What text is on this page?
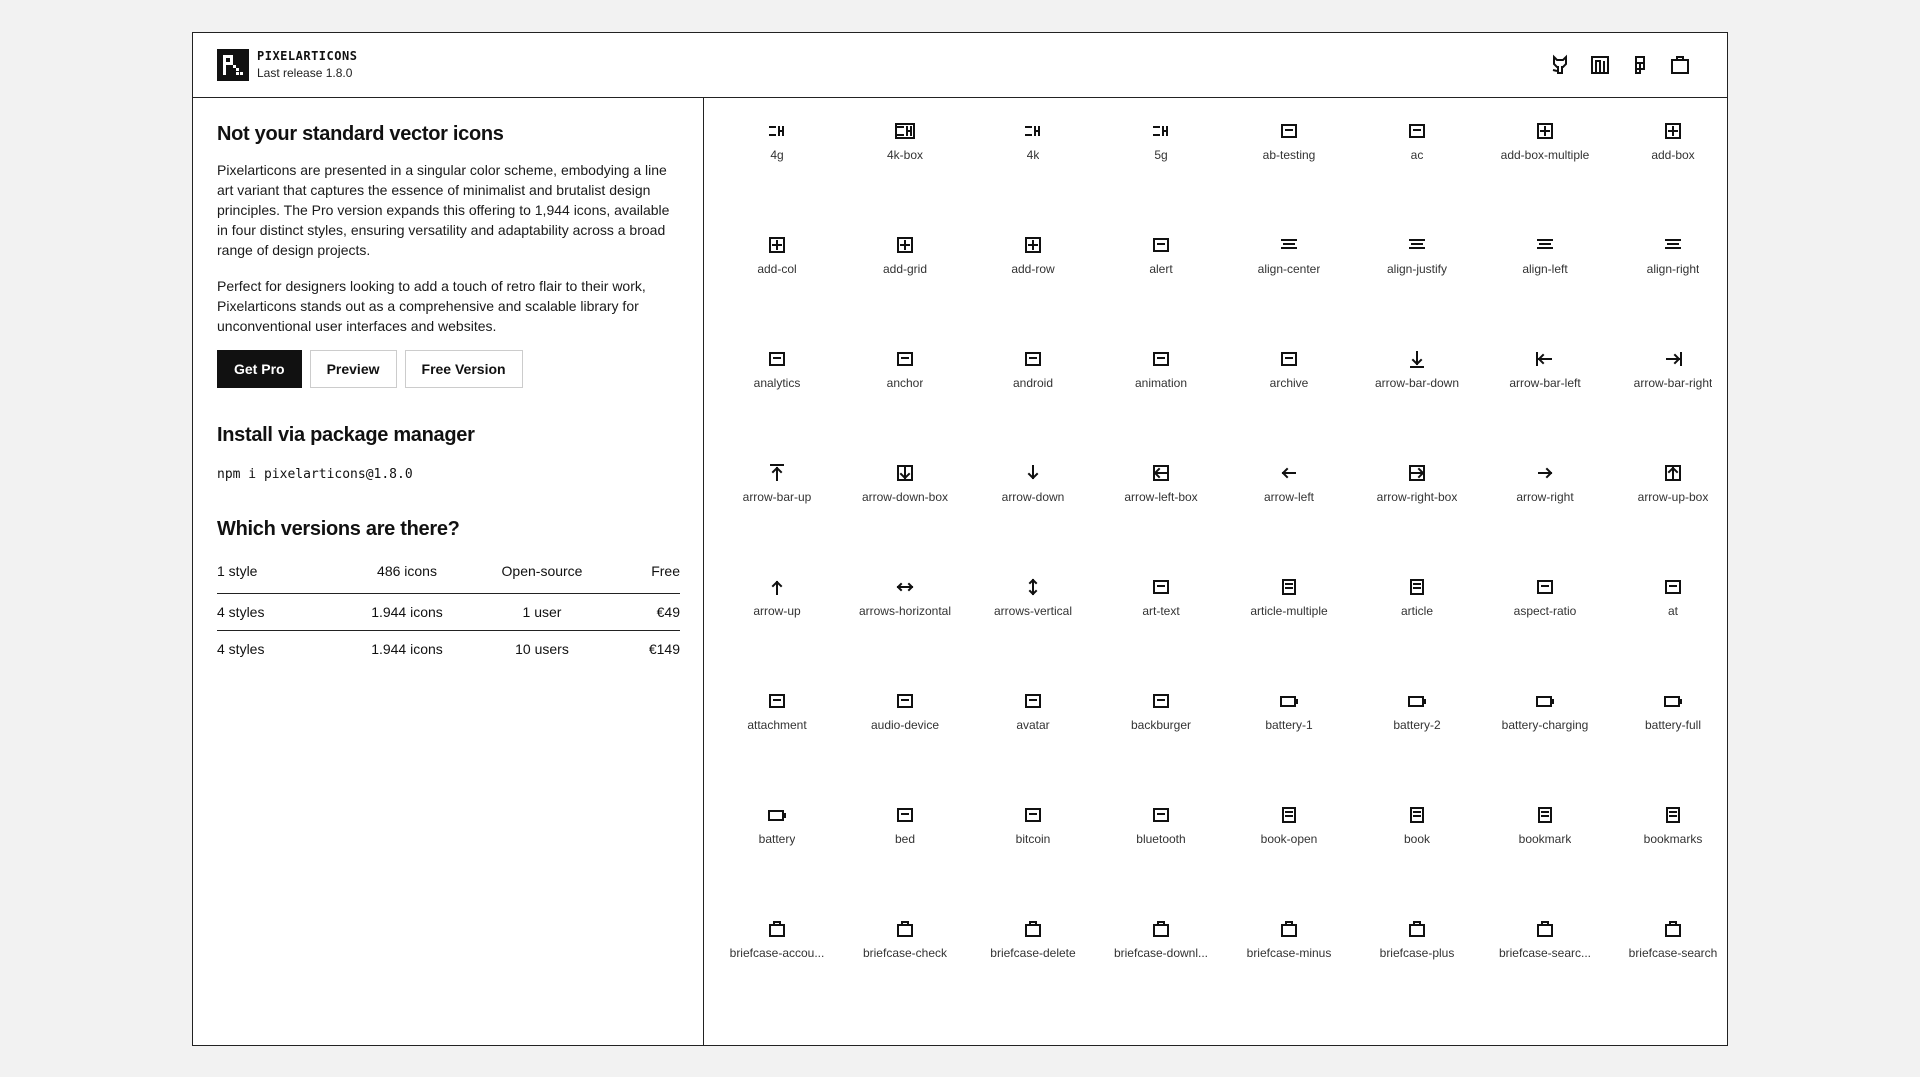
PIXELARTICONS
Last release 1.8.0
Not your standard vector icons

Pixelarticons are presented in a singular color scheme, embodying a line art variant that captures the essence of minimalist and brutalist design principles. The Pro version expands this offering to 1,944 icons, available in four distinct styles, ensuring versatility and adaptability across a broad range of design projects.

Perfect for designers looking to add a touch of retro flair to their work, Pixelarticons stands out as a comprehensive and scalable library for unconventional user interfaces and websites.

Get Pro	Preview	Free Version
Install via package manager
npm i pixelarticons@1.8.0
Which versions are there?
1 style	486 icons	Open-source	Free
4 styles	1.944 icons	1 user	€49
4 styles	1.944 icons	10 users	€149
4g	4k-box	4k	5g	ab-testing	ac	add-box-multiple	add-box
add-col	add-grid	add-row	alert	align-center	align-justify	align-left	align-right
analytics	anchor	android	animation	archive	arrow-bar-down	arrow-bar-left	arrow-bar-right
arrow-bar-up	arrow-down-box	arrow-down	arrow-left-box	arrow-left	arrow-right-box	arrow-right	arrow-up-box
arrow-up	arrows-horizontal	arrows-vertical	art-text	article-multiple	article	aspect-ratio	at
attachment	audio-device	avatar	backburger	battery-1	battery-2	battery-charging	battery-full
battery	bed	bitcoin	bluetooth	book-open	book	bookmark	bookmarks
briefcase-accou...	briefcase-check	briefcase-delete	briefcase-downl...	briefcase-minus	briefcase-plus	briefcase-searc...	briefcase-search
